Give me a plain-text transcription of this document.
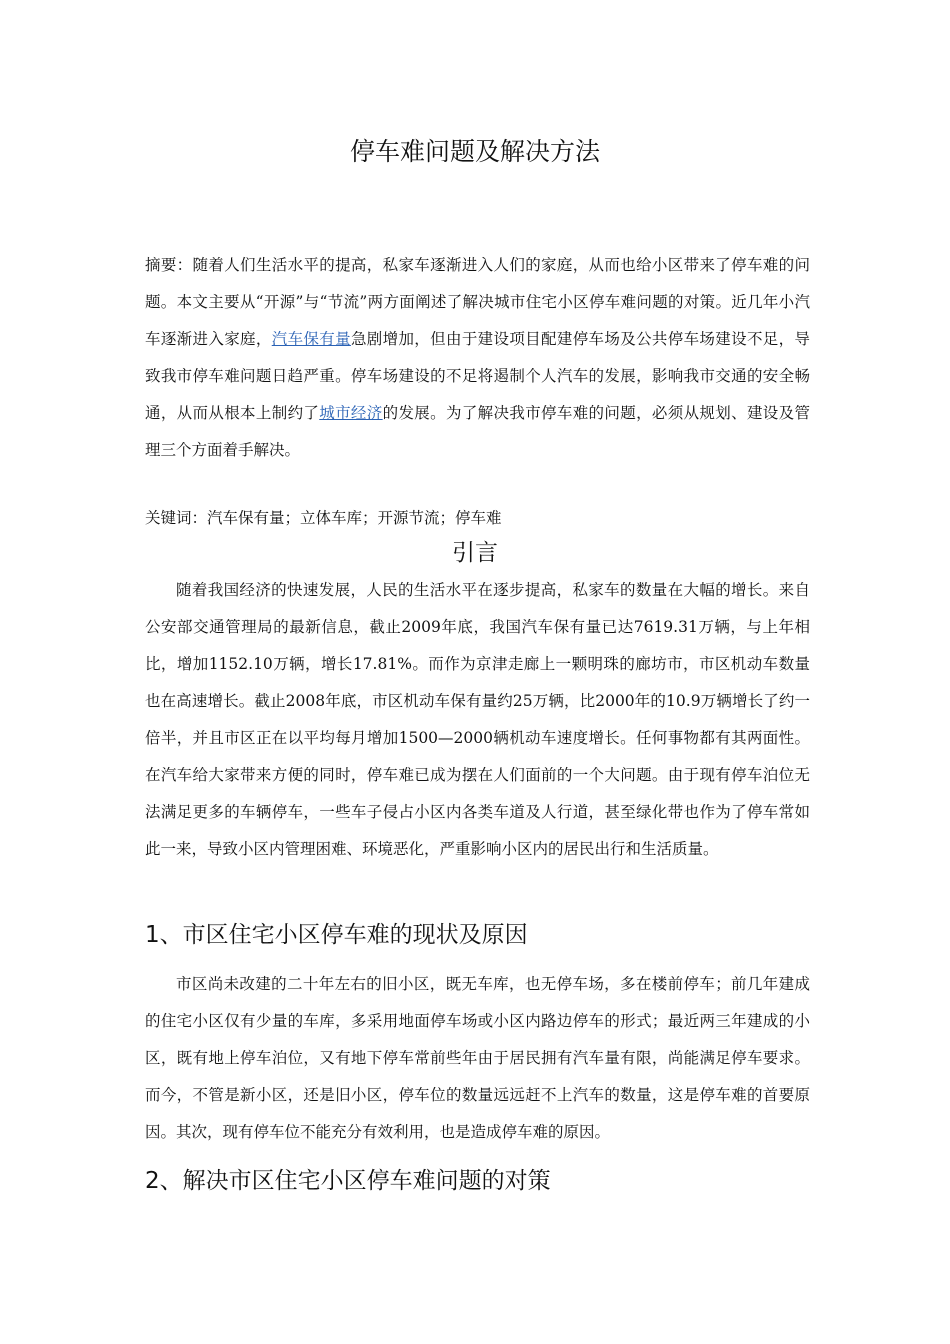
停车难问题及解决方法
摘要：随着人们生活水平的提高，私家车逐渐进入人们的家庭，从而也给小区带来了停车难的问题。本文主要从“开源”与“节流”两方面阐述了解决城市住宅小区停车难问题的对策。近几年小汽车逐渐进入家庭，汽车保有量急剧增加，但由于建设项目配建停车场及公共停车场建设不足，导致我市停车难问题日趋严重。停车场建设的不足将遏制个人汽车的发展，影响我市交通的安全畅通，从而从根本上制约了城市经济的发展。为了解决我市停车难的问题，必须从规划、建设及管理三个方面着手解决。
关键词：汽车保有量；立体车库；开源节流；停车难
引言
随着我国经济的快速发展，人民的生活水平在逐步提高，私家车的数量在大幅的增长。来自公安部交通管理局的最新信息，截止2009年底，我国汽车保有量已达7619.31万辆，与上年相比，增加1152.10万辆，增长17.81%。而作为京津走廊上一颗明珠的廊坊市，市区机动车数量也在高速增长。截止2008年底，市区机动车保有量约25万辆，比2000年的10.9万辆增长了约一倍半，并且市区正在以平均每月增加1500—2000辆机动车速度增长。任何事物都有其两面性。在汽车给大家带来方便的同时，停车难已成为摆在人们面前的一个大问题。由于现有停车泊位无法满足更多的车辆停车，一些车子侵占小区内各类车道及人行道，甚至绿化带也作为了停车常如此一来，导致小区内管理困难、环境恶化，严重影响小区内的居民出行和生活质量。
1、市区住宅小区停车难的现状及原因
市区尚未改建的二十年左右的旧小区，既无车库，也无停车场，多在楼前停车；前几年建成的住宅小区仅有少量的车库，多采用地面停车场或小区内路边停车的形式；最近两三年建成的小区，既有地上停车泊位，又有地下停车常前些年由于居民拥有汽车量有限，尚能满足停车要求。而今，不管是新小区，还是旧小区，停车位的数量远远赶不上汽车的数量，这是停车难的首要原因。其次，现有停车位不能充分有效利用，也是造成停车难的原因。
2、解决市区住宅小区停车难问题的对策
